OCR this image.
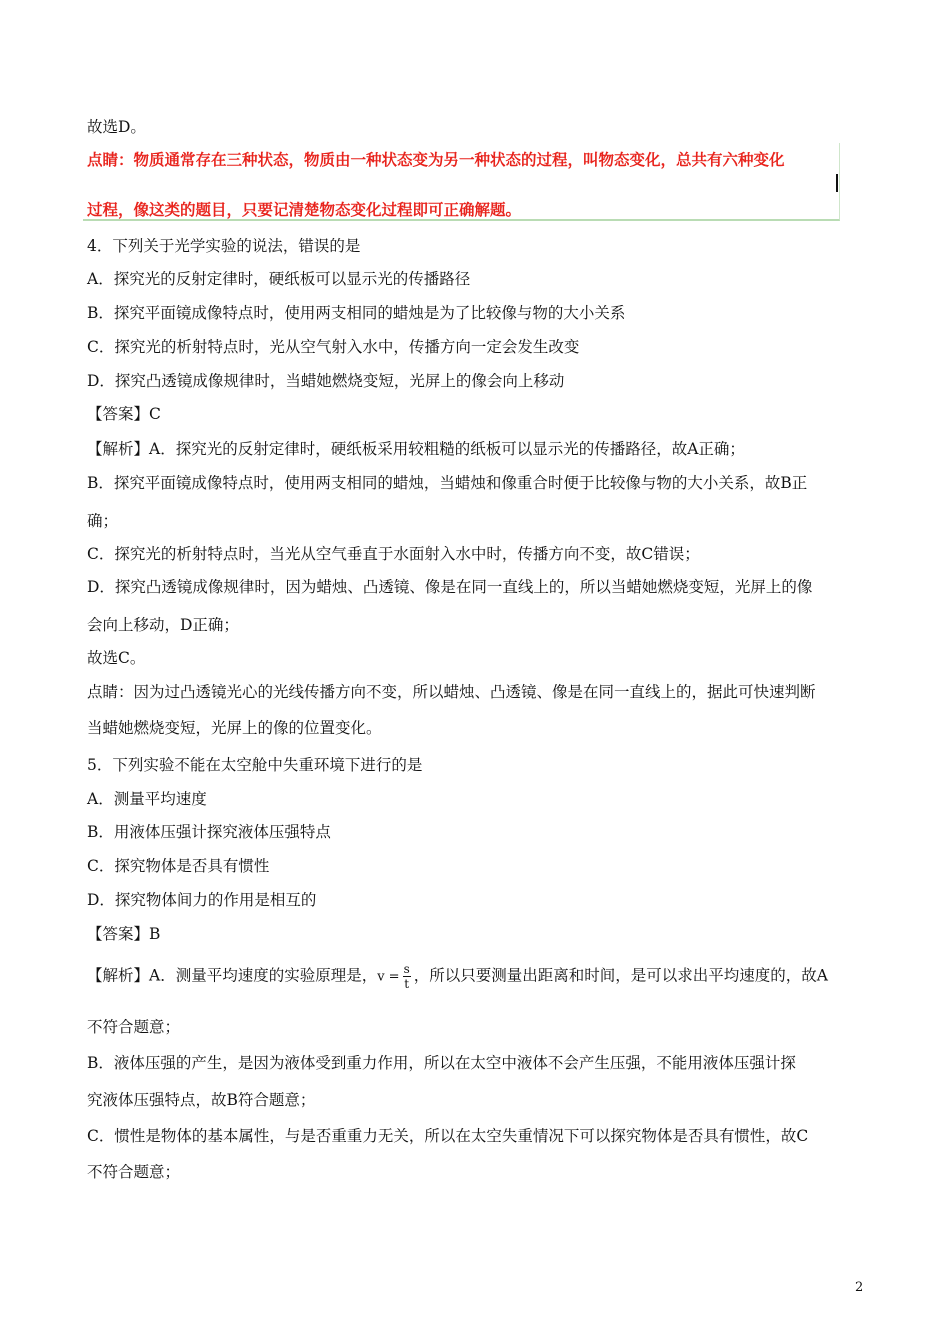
故选D。
点睛：物质通常存在三种状态，物质由一种状态变为另一种状态的过程，叫物态变化，总共有六种变化
过程，像这类的题目，只要记清楚物态变化过程即可正确解题。
4．下列关于光学实验的说法，错误的是
A．探究光的反射定律时，硬纸板可以显示光的传播路径
B．探究平面镜成像特点时，使用两支相同的蜡烛是为了比较像与物的大小关系
C．探究光的析射特点时，光从空气射入水中，传播方向一定会发生改变
D．探究凸透镜成像规律时，当蜡她燃烧变短，光屏上的像会向上移动
【答案】C
【解析】A．探究光的反射定律时，硬纸板采用较粗糙的纸板可以显示光的传播路径，故A正确；
B．探究平面镜成像特点时，使用两支相同的蜡烛，当蜡烛和像重合时便于比较像与物的大小关系，故B正
确；
C．探究光的析射特点时，当光从空气垂直于水面射入水中时，传播方向不变，故C错误；
D．探究凸透镜成像规律时，因为蜡烛、凸透镜、像是在同一直线上的，所以当蜡她燃烧变短，光屏上的像
会向上移动，D正确；
故选C。
点睛：因为过凸透镜光心的光线传播方向不变，所以蜡烛、凸透镜、像是在同一直线上的，据此可快速判断
当蜡她燃烧变短，光屏上的像的位置变化。
5．下列实验不能在太空舱中失重环境下进行的是
A．测量平均速度
B．用液体压强计探究液体压强特点
C．探究物体是否具有惯性
D．探究物体间力的作用是相互的
【答案】B
【解析】A．测量平均速度的实验原理是，$v = \frac{s}{t}$ ，所以只要测量出距离和时间，是可以求出平均速度的，故A
不符合题意；
B．液体压强的产生，是因为液体受到重力作用，所以在太空中液体不会产生压强，不能用液体压强计探
究液体压强特点，故B符合题意；
C．惯性是物体的基本属性，与是否重重力无关，所以在太空失重情况下可以探究物体是否具有惯性，故C
不符合题意；
2
